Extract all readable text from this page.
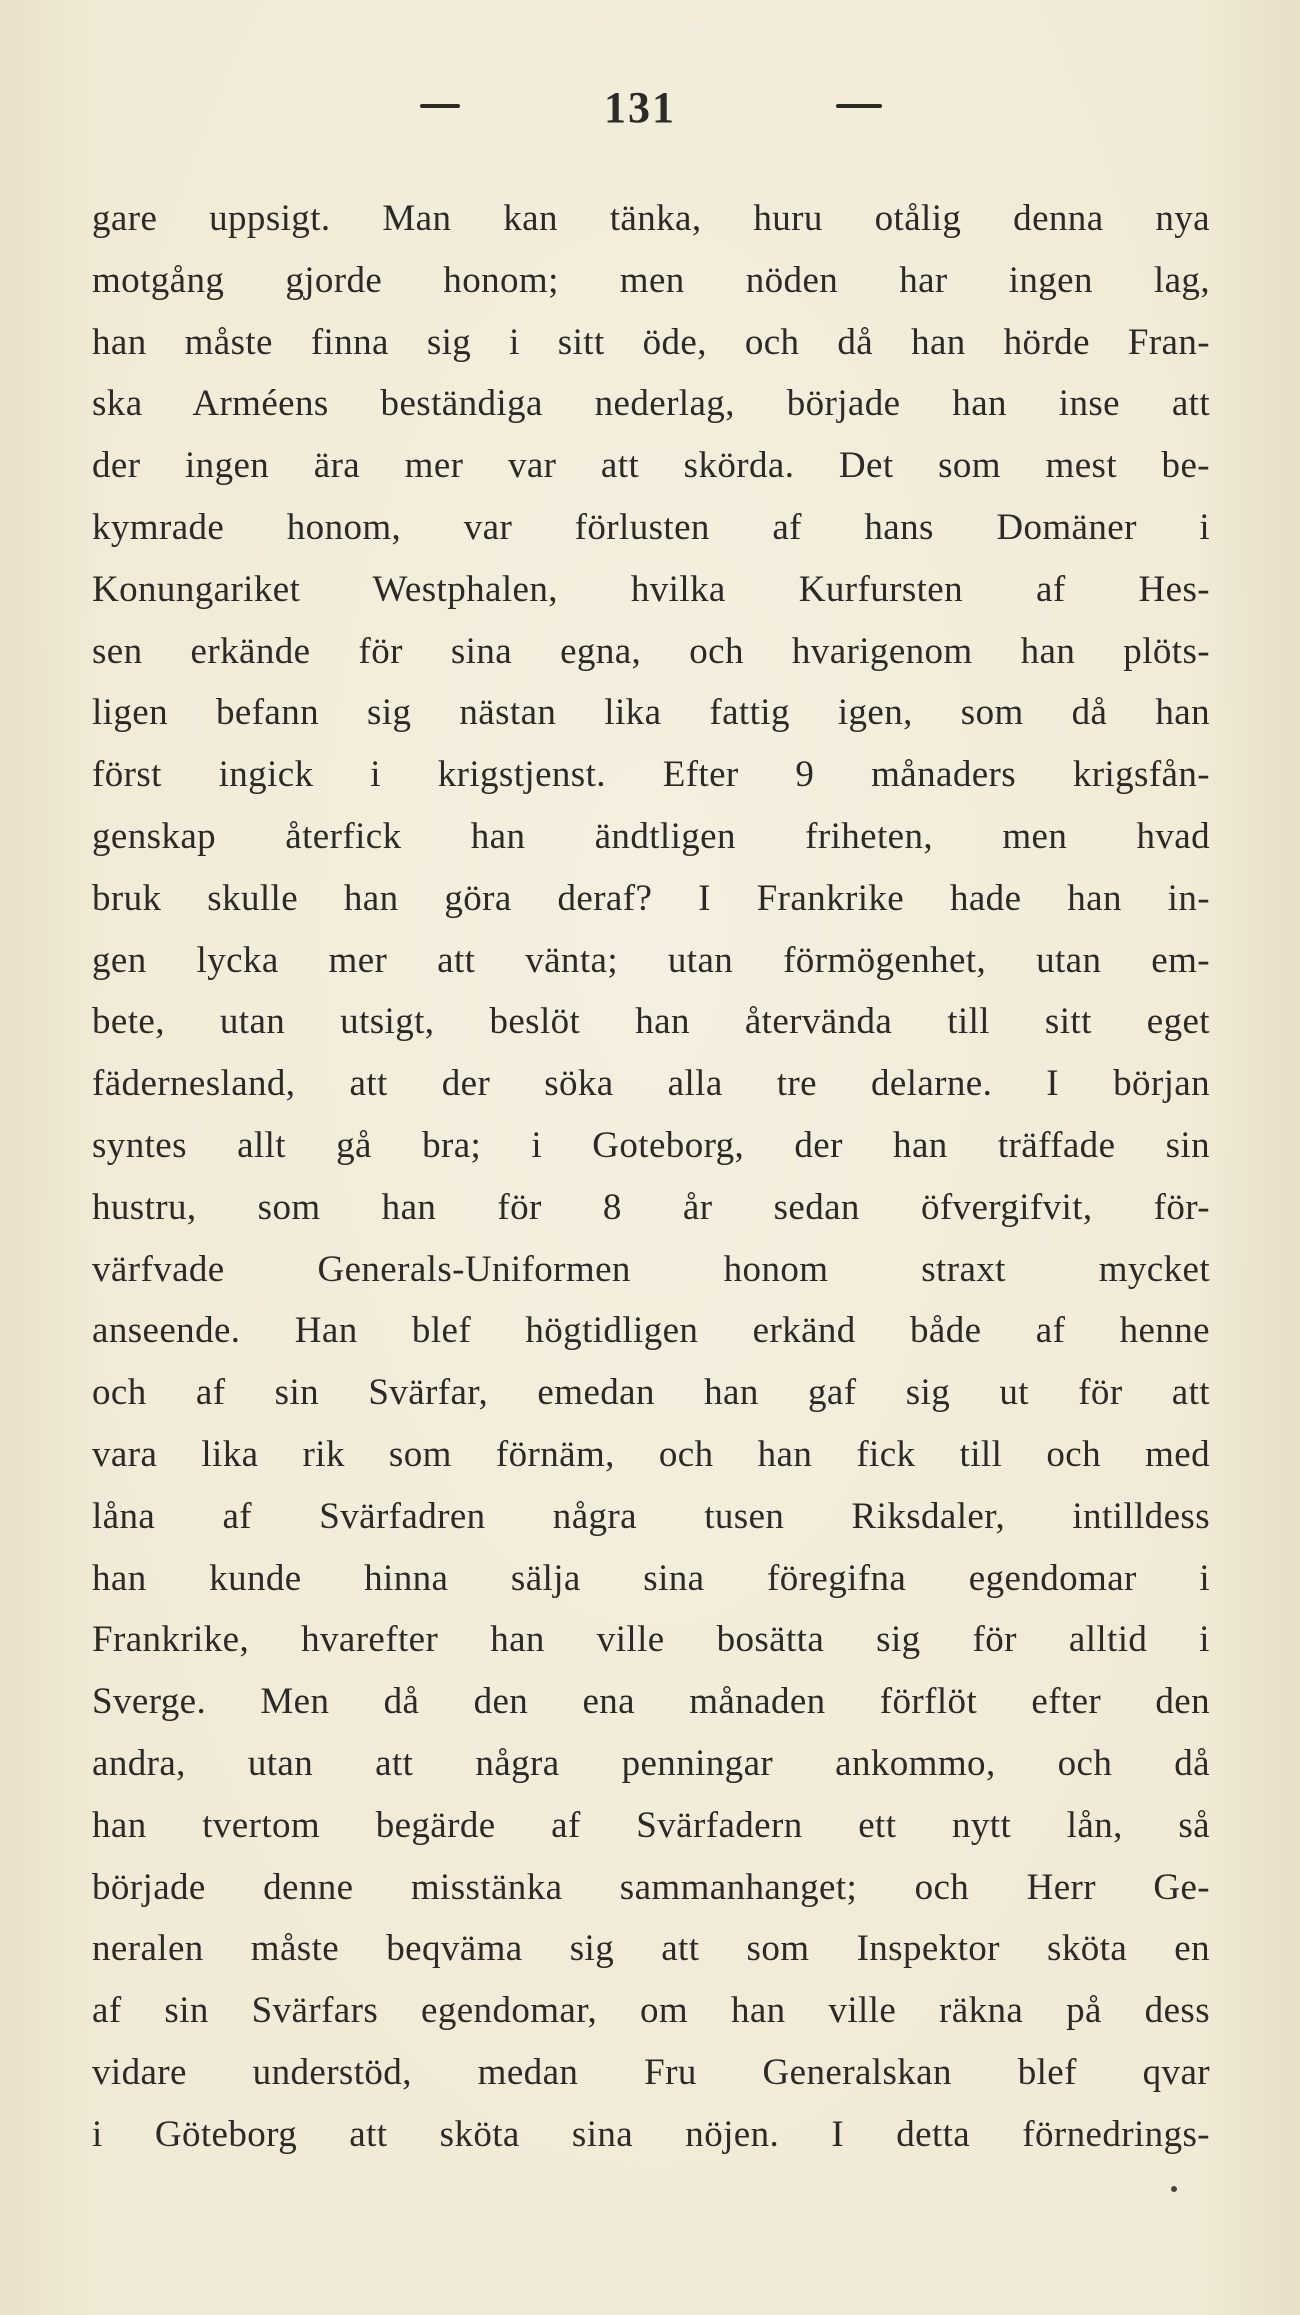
131
gare uppsigt. Man kan tänka, huru otålig denna nya
motgång gjorde honom; men nöden har ingen lag,
han måste finna sig i sitt öde, och då han hörde Fran-
ska Arméens beständiga nederlag, började han inse att
der ingen ära mer var att skörda. Det som mest be-
kymrade honom, var förlusten af hans Domäner i
Konungariket Westphalen, hvilka Kurfursten af Hes-
sen erkände för sina egna, och hvarigenom han plöts-
ligen befann sig nästan lika fattig igen, som då han
först ingick i krigstjenst. Efter 9 månaders krigsfån-
genskap återfick han ändtligen friheten, men hvad
bruk skulle han göra deraf? I Frankrike hade han in-
gen lycka mer att vänta; utan förmögenhet, utan em-
bete, utan utsigt, beslöt han återvända till sitt eget
fäderneslаnd, att der söka alla tre delarne. I början
syntes allt gå bra; i Goteborg, der han träffade sin
hustru, som han för 8 år sedan öfvergifvit, för-
värfvade Generals-Uniformen honom straxt mycket
anseende. Han blef högtidligen erkänd både af henne
och af sin Svärfar, emedan han gaf sig ut för att
vara lika rik som förnäm, och han fick till och med
låna af Svärfadren några tusen Riksdaler, intilldess
han kunde hinna sälja sina föregifna egendomar i
Frankrike, hvarefter han ville bosätta sig för alltid i
Sverge. Men då den ena månaden förflöt efter den
andra, utan att några penningar ankommo, och då
han tvertom begärde af Svärfadern ett nytt lån, så
började denne misstänka sammanhanget; och Herr Ge-
neralen måste beqväma sig att som Inspektor sköta en
af sin Svärfars egendomar, om han ville räkna på dess
vidare understöd, medan Fru Generalskan blef qvar
i Göteborg att sköta sina nöjen. I detta förnedrings-
